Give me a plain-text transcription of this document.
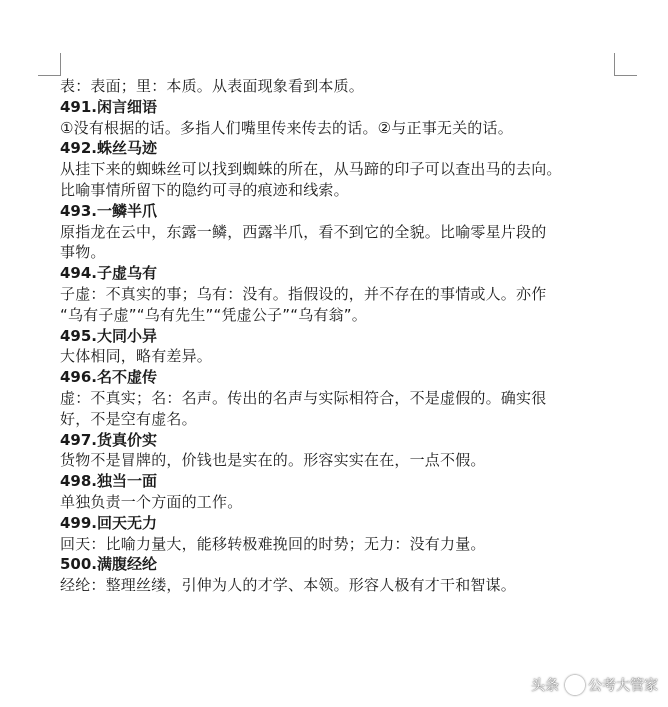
表：表面；里：本质。从表面现象看到本质。
491.闲言细语
①没有根据的话。多指人们嘴里传来传去的话。②与正事无关的话。
492.蛛丝马迹
从挂下来的蜘蛛丝可以找到蜘蛛的所在，从马蹄的印子可以查出马的去向。
比喻事情所留下的隐约可寻的痕迹和线索。
493.一鳞半爪
原指龙在云中，东露一鳞，西露半爪，看不到它的全貌。比喻零星片段的
事物。
494.子虚乌有
子虚：不真实的事；乌有：没有。指假设的，并不存在的事情或人。亦作
“乌有子虚”“乌有先生”“凭虚公子”“乌有翁”。
495.大同小异
大体相同，略有差异。
496.名不虚传
虚：不真实；名：名声。传出的名声与实际相符合，不是虚假的。确实很
好，不是空有虚名。
497.货真价实
货物不是冒牌的，价钱也是实在的。形容实实在在，一点不假。
498.独当一面
单独负责一个方面的工作。
499.回天无力
回天：比喻力量大，能移转极难挽回的时势；无力：没有力量。
500.满腹经纶
经纶：整理丝缕，引伸为人的才学、本领。形容人极有才干和智谋。
头条 公考大管家
